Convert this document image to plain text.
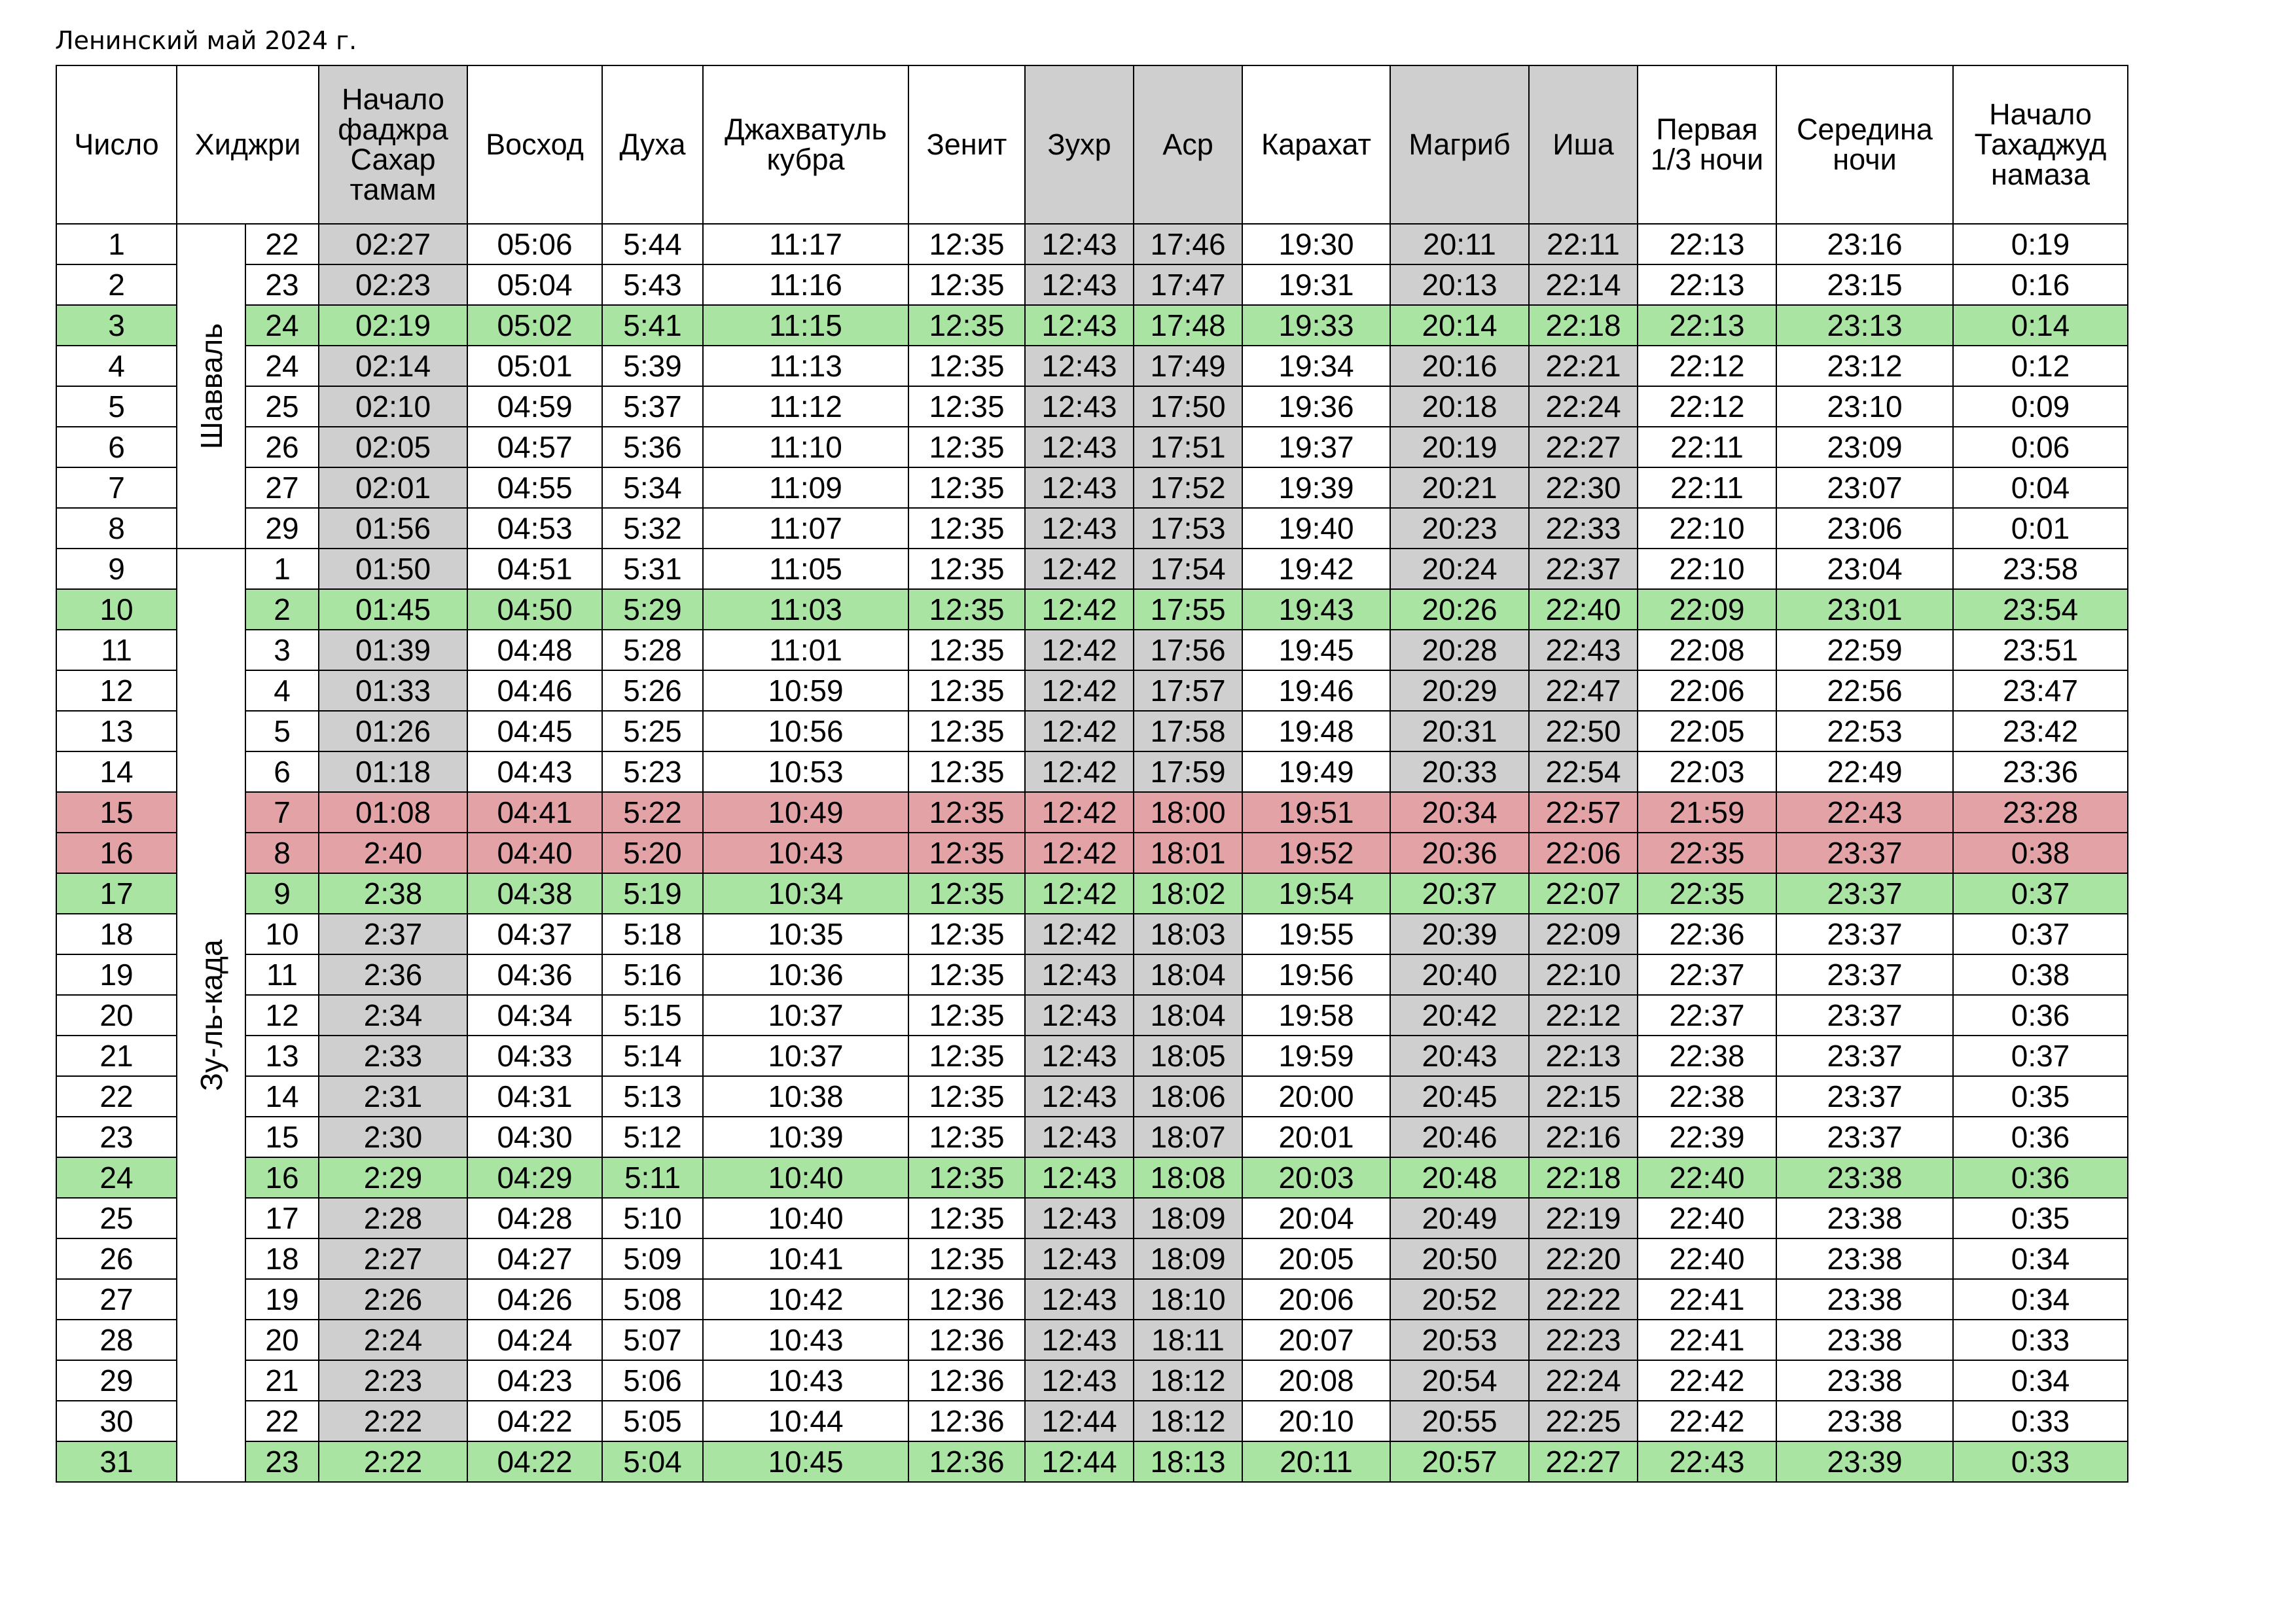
Ленинский май 2024 г.
Число	Хиджри		Начало фаджра Сахар тамам	Восход	Духа	Джахватуль кубра	Зенит	Зухр	Аср	Карахат	Магриб	Иша	Первая 1/3 ночи	Середина ночи	Начало Тахаджуд намаза
1	Шавваль	22	02:27	05:06	5:44	11:17	12:35	12:43	17:46	19:30	20:11	22:11	22:13	23:16	0:19
2		23	02:23	05:04	5:43	11:16	12:35	12:43	17:47	19:31	20:13	22:14	22:13	23:15	0:16
3		24	02:19	05:02	5:41	11:15	12:35	12:43	17:48	19:33	20:14	22:18	22:13	23:13	0:14
4		24	02:14	05:01	5:39	11:13	12:35	12:43	17:49	19:34	20:16	22:21	22:12	23:12	0:12
5		25	02:10	04:59	5:37	11:12	12:35	12:43	17:50	19:36	20:18	22:24	22:12	23:10	0:09
6		26	02:05	04:57	5:36	11:10	12:35	12:43	17:51	19:37	20:19	22:27	22:11	23:09	0:06
7		27	02:01	04:55	5:34	11:09	12:35	12:43	17:52	19:39	20:21	22:30	22:11	23:07	0:04
8		29	01:56	04:53	5:32	11:07	12:35	12:43	17:53	19:40	20:23	22:33	22:10	23:06	0:01
9	Зу-ль-када	1	01:50	04:51	5:31	11:05	12:35	12:42	17:54	19:42	20:24	22:37	22:10	23:04	23:58
10		2	01:45	04:50	5:29	11:03	12:35	12:42	17:55	19:43	20:26	22:40	22:09	23:01	23:54
11		3	01:39	04:48	5:28	11:01	12:35	12:42	17:56	19:45	20:28	22:43	22:08	22:59	23:51
12		4	01:33	04:46	5:26	10:59	12:35	12:42	17:57	19:46	20:29	22:47	22:06	22:56	23:47
13		5	01:26	04:45	5:25	10:56	12:35	12:42	17:58	19:48	20:31	22:50	22:05	22:53	23:42
14		6	01:18	04:43	5:23	10:53	12:35	12:42	17:59	19:49	20:33	22:54	22:03	22:49	23:36
15		7	01:08	04:41	5:22	10:49	12:35	12:42	18:00	19:51	20:34	22:57	21:59	22:43	23:28
16		8	2:40	04:40	5:20	10:43	12:35	12:42	18:01	19:52	20:36	22:06	22:35	23:37	0:38
17		9	2:38	04:38	5:19	10:34	12:35	12:42	18:02	19:54	20:37	22:07	22:35	23:37	0:37
18		10	2:37	04:37	5:18	10:35	12:35	12:42	18:03	19:55	20:39	22:09	22:36	23:37	0:37
19		11	2:36	04:36	5:16	10:36	12:35	12:43	18:04	19:56	20:40	22:10	22:37	23:37	0:38
20		12	2:34	04:34	5:15	10:37	12:35	12:43	18:04	19:58	20:42	22:12	22:37	23:37	0:36
21		13	2:33	04:33	5:14	10:37	12:35	12:43	18:05	19:59	20:43	22:13	22:38	23:37	0:37
22		14	2:31	04:31	5:13	10:38	12:35	12:43	18:06	20:00	20:45	22:15	22:38	23:37	0:35
23		15	2:30	04:30	5:12	10:39	12:35	12:43	18:07	20:01	20:46	22:16	22:39	23:37	0:36
24		16	2:29	04:29	5:11	10:40	12:35	12:43	18:08	20:03	20:48	22:18	22:40	23:38	0:36
25		17	2:28	04:28	5:10	10:40	12:35	12:43	18:09	20:04	20:49	22:19	22:40	23:38	0:35
26		18	2:27	04:27	5:09	10:41	12:35	12:43	18:09	20:05	20:50	22:20	22:40	23:38	0:34
27		19	2:26	04:26	5:08	10:42	12:36	12:43	18:10	20:06	20:52	22:22	22:41	23:38	0:34
28		20	2:24	04:24	5:07	10:43	12:36	12:43	18:11	20:07	20:53	22:23	22:41	23:38	0:33
29		21	2:23	04:23	5:06	10:43	12:36	12:43	18:12	20:08	20:54	22:24	22:42	23:38	0:34
30		22	2:22	04:22	5:05	10:44	12:36	12:44	18:12	20:10	20:55	22:25	22:42	23:38	0:33
31		23	2:22	04:22	5:04	10:45	12:36	12:44	18:13	20:11	20:57	22:27	22:43	23:39	0:33
